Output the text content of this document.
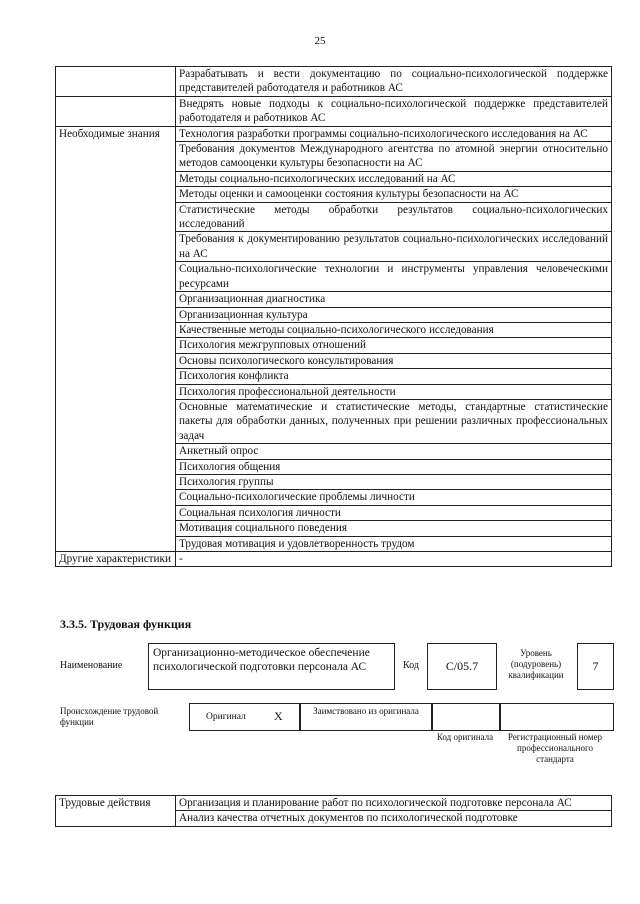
25
	Разрабатывать и вести документацию по социально-психологической поддержке представителей работодателя и работников АС
	Внедрять новые подходы к социально-психологической поддержке представителей работодателя и работников АС
Необходимые знания	Технология разработки программы социально-психологического исследования на АС
	Требования документов Международного агентства по атомной энергии относительно методов самооценки культуры безопасности на АС
	Методы социально-психологических исследований на АС
	Методы оценки и самооценки состояния культуры безопасности на АС
	Статистические методы обработки результатов социально-психологических исследований
	Требования к документированию результатов социально-психологических исследований на АС
	Социально-психологические технологии и инструменты управления человеческими ресурсами
	Организационная диагностика
	Организационная культура
	Качественные методы социально-психологического исследования
	Психология межгрупповых отношений
	Основы психологического консультирования
	Психология конфликта
	Психология профессиональной деятельности
	Основные математические и статистические методы, стандартные статистические пакеты для обработки данных, полученных при решении различных профессиональных задач
	Анкетный опрос
	Психология общения
	Психология группы
	Социально-психологические проблемы личности
	Социальная психология личности
	Мотивация социального поведения
	Трудовая мотивация и удовлетворенность трудом
Другие характеристики	-
3.3.5. Трудовая функция
Наименование
Организационно-методическое обеспечение психологической подготовки персонала АС	Код	C/05.7
Уровень (подуровень) квалификации
7
Происхождение трудовой функции	Оригинал X	Заимствовано из оригинала
Код оригинала	Регистрационный номер профессионального стандарта
Трудовые действия	Организация и планирование работ по психологической подготовке персонала АС
Анализ качества отчетных документов по психологической подготовке
